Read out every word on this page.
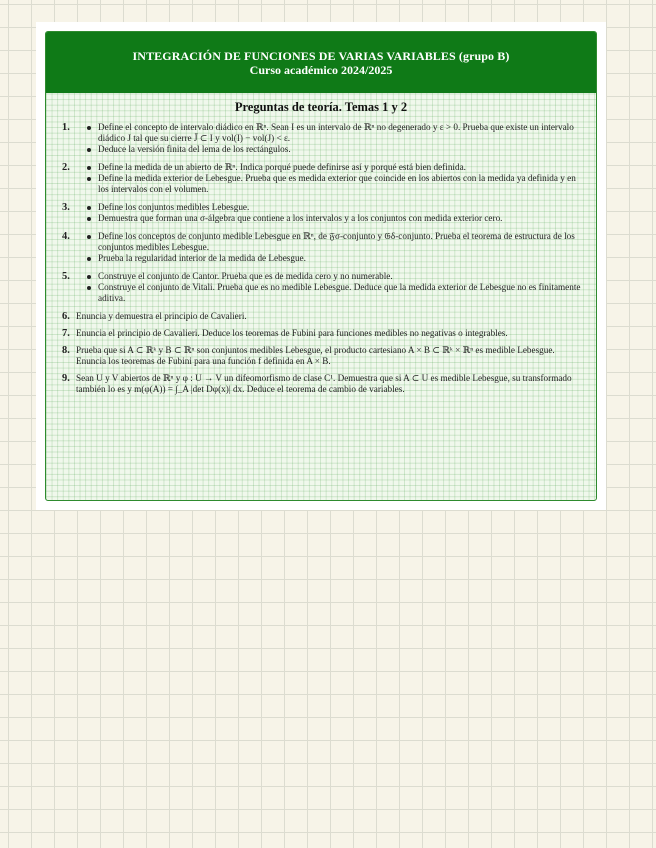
INTEGRACIÓN DE FUNCIONES DE VARIAS VARIABLES (grupo B)
Curso académico 2024/2025
Preguntas de teoría. Temas 1 y 2
1.	Define el concepto de intervalo diádico en ℝⁿ. Sean I es un intervalo de ℝⁿ no degenerado y ε > 0. Prueba que existe un intervalo diádico J tal que su cierre J̄ ⊂ I y vol(I) − vol(J) < ε.
Deduce la versión finita del lema de los rectángulos.
2.	Define la medida de un abierto de ℝⁿ. Indica porqué puede definirse así y porqué está bien definida.
Define la medida exterior de Lebesgue. Prueba que es medida exterior que coincide en los abiertos con la medida ya definida y en los intervalos con el volumen.
3.	Define los conjuntos medibles Lebesgue.
Demuestra que forman una σ-álgebra que contiene a los intervalos y a los conjuntos con medida exterior cero.
4.	Define los conceptos de conjunto medible Lebesgue en ℝⁿ, de 𝔉σ-conjunto y 𝔊δ-conjunto. Prueba el teorema de estructura de los conjuntos medibles Lebesgue.
Prueba la regularidad interior de la medida de Lebesgue.
5.	Construye el conjunto de Cantor. Prueba que es de medida cero y no numerable.
Construye el conjunto de Vitali. Prueba que es no medible Lebesgue. Deduce que la medida exterior de Lebesgue no es finitamente aditiva.
6. Enuncia y demuestra el principio de Cavalieri.
7. Enuncia el principio de Cavalieri. Deduce los teoremas de Fubini para funciones medibles no negativas o integrables.
8. Prueba que si A ⊂ ℝᵏ y B ⊂ ℝⁿ son conjuntos medibles Lebesgue, el producto cartesiano A × B ⊂ ℝᵏ × ℝⁿ es medible Lebesgue. Enuncia los teoremas de Fubini para una función f definida en A × B.
9. Sean U y V abiertos de ℝⁿ y φ : U → V un difeomorfismo de clase C¹. Demuestra que si A ⊂ U es medible Lebesgue, su transformado también lo es y m(φ(A)) = ∫_A |det Dφ(x)| dx. Deduce el teorema de cambio de variables.
